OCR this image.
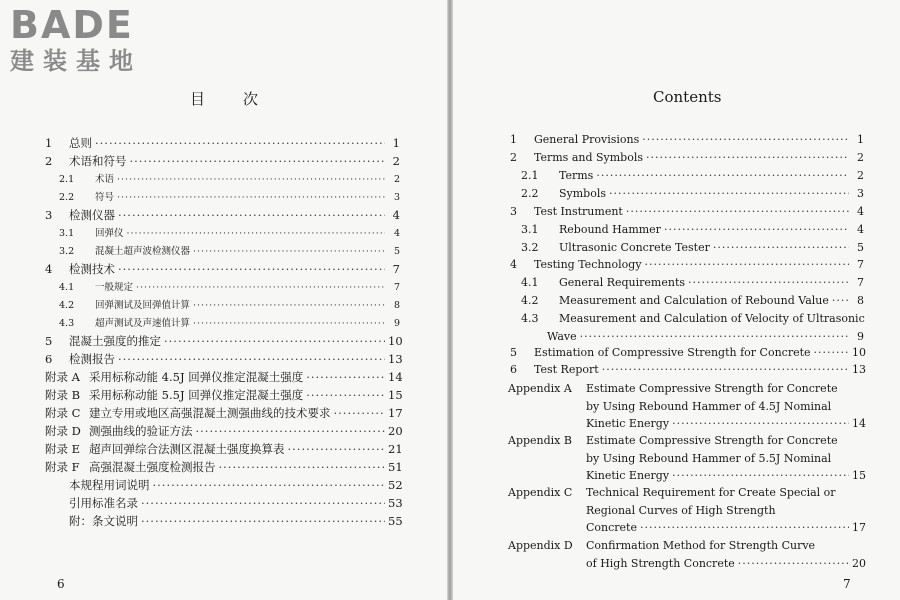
BADE
建装基地
目次
1	总则 ·····	1
2	术语和符号 ·····	2
2.1	术语 ·····	2
2.2	符号 ·····	3
3	检测仪器 ·····	4
3.1	回弹仪 ·····	4
3.2	混凝土超声波检测仪器 ·····	5
4	检测技术 ·····	7
4.1	一般规定 ·····	7
4.2	回弹测试及回弹值计算 ·····	8
4.3	超声测试及声速值计算 ·····	9
5	混凝土强度的推定 ·····	10
6	检测报告 ·····	13
附录 A 采用标称动能 4.5J 回弹仪推定混凝土强度 ·····	14
附录 B 采用标称动能 5.5J 回弹仪推定混凝土强度 ·····	15
附录 C 建立专用或地区高强混凝土测强曲线的技术要求 ·····	17
附录 D 测强曲线的验证方法 ·····	20
附录 E 超声回弹综合法测区混凝土强度换算表 ·····	21
附录 F 高强混凝土强度检测报告 ·····	51
本规程用词说明 ·····	52
引用标准名录 ·····	53
附：条文说明 ·····	55
6
Contents
1	General Provisions ·····	1
2	Terms and Symbols ·····	2
2.1	Terms ·····	2
2.2	Symbols ·····	3
3	Test Instrument ·····	4
3.1	Rebound Hammer ·····	4
3.2	Ultrasonic Concrete Tester ·····	5
4	Testing Technology ·····	7
4.1	General Requirements ·····	7
4.2	Measurement and Calculation of Rebound Value ·····	8
4.3	Measurement and Calculation of Velocity of Ultrasonic
Wave ·····	9
5	Estimation of Compressive Strength for Concrete ·····	10
6	Test Report ·····	13
Appendix A Estimate Compressive Strength for Concrete
by Using Rebound Hammer of 4.5J Nominal
Kinetic Energy ·····	14
Appendix B Estimate Compressive Strength for Concrete
by Using Rebound Hammer of 5.5J Nominal
Kinetic Energy ·····	15
Appendix C Technical Requirement for Create Special or
Regional Curves of High Strength
Concrete ·····	17
Appendix D Confirmation Method for Strength Curve
of High Strength Concrete ·····	20
7
